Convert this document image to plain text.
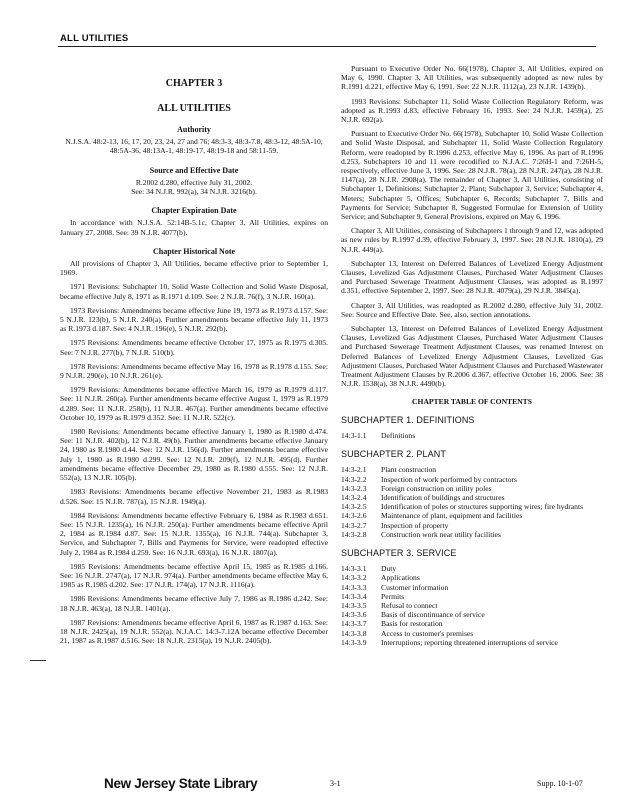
ALL UTILITIES
CHAPTER 3
ALL UTILITIES
Authority
N.J.S.A. 48:2-13, 16, 17, 20, 23, 24, 27 and 76; 48:3-3, 48:3-7.8, 48:3-12, 48:5A-10, 48:5A-36, 48:13A-1, 48:19-17, 48:19-18 and 58:11-59.
Source and Effective Date
R.2002 d.280, effective July 31, 2002.
See: 34 N.J.R. 992(a), 34 N.J.R. 3216(b).
Chapter Expiration Date

In accordance with N.J.S.A. 52:14B-5.1c, Chapter 3, All Utilities, expires on January 27, 2008. See: 39 N.J.R. 4077(b).

Chapter Historical Note

All provisions of Chapter 3, All Utilities, became effective prior to September 1, 1969.

1971 Revisions: Subchapter 10, Solid Waste Collection and Solid Waste Disposal, became effective July 8, 1971 as R.1971 d.109. See: 2 N.J.R. 76(f), 3 N.J.R. 160(a).

1973 Revisions: Amendments became effective June 19, 1973 as R.1973 d.157. See: 5 N.J.R. 123(b), 5 N.J.R. 240(a). Further amendments became effective July 11, 1973 as R.1973 d.187. See: 4 N.J.R. 196(e), 5 N.J.R. 292(b).

1975 Revisions: Amendments became effective October 17, 1975 as R.1975 d.305. See: 7 N.J.R. 277(b), 7 N.J.R. 510(b).

1978 Revisions: Amendments became effective May 16, 1978 as R.1978 d.155. See: 9 N.J.R. 290(e), 10 N.J.R. 261(e).

1979 Revisions: Amendments became effective March 16, 1979 as R.1979 d.117. See: 11 N.J.R. 260(a). Further amendments became effective August 1, 1979 as R.1979 d.289. See: 11 N.J.R. 258(b), 11 N.J.R. 467(a). Further amendments became effective October 10, 1979 as R.1979 d.352. See: 11 N.J.R. 522(c).

1980 Revisions: Amendments became effective January 1, 1980 as R.1980 d.474. See: 11 N.J.R. 402(b), 12 N.J.R. 49(b). Further amendments became effective January 24, 1980 as R.1980 d.44. See: 12 N.J.R. 156(d). Further amendments became effective July 1, 1980 as R.1980 d.299. See: 12 N.J.R. 209(f), 12 N.J.R. 495(d). Further amendments became effective December 29, 1980 as R.1980 d.555. See: 12 N.J.R. 552(a), 13 N.J.R. 105(b).

1983 Revisions: Amendments became effective November 21, 1983 as R.1983 d.526. See: 15 N.J.R. 787(a), 15 N.J.R. 1949(a).

1984 Revisions: Amendments became effective February 6, 1984 as R.1983 d.651. See: 15 N.J.R. 1235(a), 16 N.J.R. 250(a). Further amendments became effective April 2, 1984 as R.1984 d.87. See: 15 N.J.R. 1355(a), 16 N.J.R. 744(a). Subchapter 3, Service, and Subchapter 7, Bills and Payments for Service, were readopted effective July 2, 1984 as R.1984 d.259. See: 16 N.J.R. 693(a), 16 N.J.R. 1807(a).

1985 Revisions: Amendments became effective April 15, 1985 as R.1985 d.166. See: 16 N.J.R. 2747(a), 17 N.J.R. 974(a). Further amendments became effective May 6, 1985 as R.1985 d.202. See: 17 N.J.R. 174(a), 17 N.J.R. 1116(a).

1986 Revisions: Amendments became effective July 7, 1986 as R.1986 d.242. See: 18 N.J.R. 463(a), 18 N.J.R. 1401(a).

1987 Revisions: Amendments became effective April 6, 1987 as R.1987 d.163. See: 18 N.J.R. 2425(a), 19 N.J.R. 552(a). N.J.A.C. 14:3-7.12A became effective December 21, 1987 as R.1987 d.516. See: 18 N.J.R. 2315(a), 19 N.J.R. 2405(b).

Pursuant to Executive Order No. 66(1978), Chapter 3, All Utilities, expired on May 6, 1990. Chapter 3, All Utilities, was subsequently adopted as new rules by R.1991 d.221, effective May 6, 1991. See: 22 N.J.R. 1112(a), 23 N.J.R. 1439(b).

1993 Revisions: Subchapter 11, Solid Waste Collection Regulatory Reform, was adopted as R.1993 d.83, effective February 16, 1993. See: 24 N.J.R. 1459(a), 25 N.J.R. 692(a).

Pursuant to Executive Order No. 66(1978), Subchapter 10, Solid Waste Collection and Solid Waste Disposal, and Subchapter 11, Solid Waste Collection Regulatory Reform, were readopted by R.1996 d.253, effective May 6, 1996. As part of R.1996 d.253, Subchapters 10 and 11 were recodified to N.J.A.C. 7:26H-1 and 7:26H-5, respectively, effective June 3, 1996. See: 28 N.J.R. 78(a), 28 N.J.R. 247(a), 28 N.J.R. 1147(a), 28 N.J.R. 2908(a). The remainder of Chapter 3, All Utilities, consisting of Subchapter 1, Definitions; Subchapter 2, Plant; Subchapter 3, Service; Subchapter 4, Meters; Subchapter 5, Offices; Subchapter 6, Records; Subchapter 7, Bills and Payments for Service; Subchapter 8, Suggested Formulae for Extension of Utility Service; and Subchapter 9, General Provisions, expired on May 6, 1996.

Chapter 3, All Utilities, consisting of Subchapters 1 through 9 and 12, was adopted as new rules by R.1997 d.39, effective February 3, 1997. See: 28 N.J.R. 1810(a), 29 N.J.R. 449(a).

Subchapter 13, Interest on Deferred Balances of Levelized Energy Adjustment Clauses, Levelized Gas Adjustment Clauses, Purchased Water Adjustment Clauses and Purchased Sewerage Treatment Adjustment Clauses, was adopted as R.1997 d.351, effective September 2, 1997. See: 28 N.J.R. 4079(a), 29 N.J.R. 3845(a).

Chapter 3, All Utilities, was readopted as R.2002 d.280, effective July 31, 2002. See: Source and Effective Date. See, also, section annotations.

Subchapter 13, Interest on Deferred Balances of Levelized Energy Adjustment Clauses, Levelized Gas Adjustment Clauses, Purchased Water Adjustment Clauses and Purchased Sewerage Treatment Adjustment Clauses, was renamed Interest on Deferred Balances of Levelized Energy Adjustment Clauses, Levelized Gas Adjustment Clauses, Purchased Water Adjustment Clauses and Purchased Wastewater Treatment Adjustment Clauses by R.2006 d.367, effective October 16, 2006. See: 38 N.J.R. 1538(a), 38 N.J.R. 4490(b).

CHAPTER TABLE OF CONTENTS
SUBCHAPTER 1. DEFINITIONS
14:3-1.1	Definitions
SUBCHAPTER 2. PLANT
14:3-2.1	Plant construction
14:3-2.2	Inspection of work performed by contractors
14:3-2.3	Foreign construction on utility poles
14:3-2.4	Identification of buildings and structures
14:3-2.5	Identification of poles or structures supporting wires; fire hydrants
14:3-2.6	Maintenance of plant, equipment and facilities
14:3-2.7	Inspection of property
14:3-2.8	Construction work near utility facilities
SUBCHAPTER 3. SERVICE
14:3-3.1	Duty
14:3-3.2	Applications
14:3-3.3	Customer information
14:3-3.4	Permits
14:3-3.5	Refusal to connect
14:3-3.6	Basis of discontinuance of service
14:3-3.7	Basis for restoration
14:3-3.8	Access to customer's premises
14:3-3.9	Interruptions; reporting threatened interruptions of service
New Jersey State Library	3-1	Supp. 10-1-07
